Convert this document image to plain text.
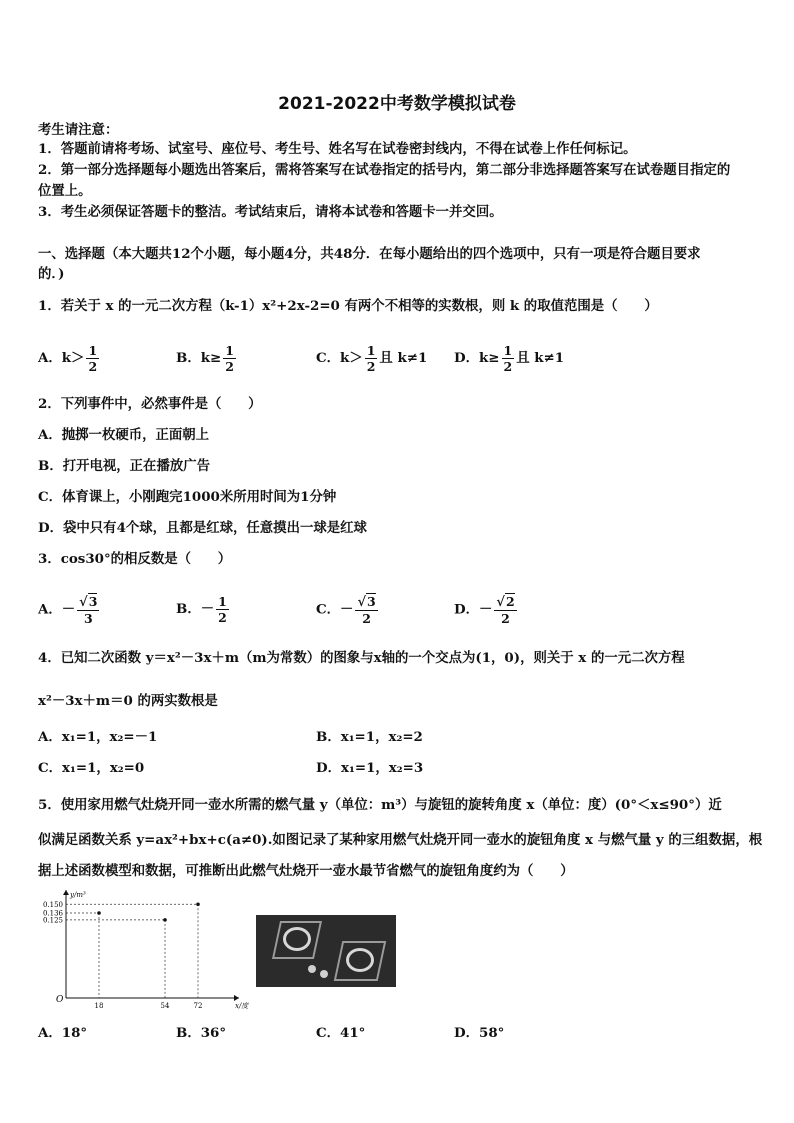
2021-2022中考数学模拟试卷
考生请注意：
1．答题前请将考场、试室号、座位号、考生号、姓名写在试卷密封线内，不得在试卷上作任何标记。
2．第一部分选择题每小题选出答案后，需将答案写在试卷指定的括号内，第二部分非选择题答案写在试卷题目指定的
位置上。
3．考生必须保证答题卡的整洁。考试结束后，请将本试卷和答题卡一并交回。
一、选择题（本大题共12个小题，每小题4分，共48分．在每小题给出的四个选项中，只有一项是符合题目要求
的．)
1．若关于 x 的一元二次方程（k-1）x²+2x-2=0 有两个不相等的实数根，则 k 的取值范围是（　　）
A．$k> \frac{1}{2}$	B．$k\ge \frac{1}{2}$	C．$k> \frac{1}{2}$ 且 k≠1 D．$k\ge \frac{1}{2}$ 且 k≠1
2．下列事件中，必然事件是（　　）
A．抛掷一枚硬币，正面朝上
B．打开电视，正在播放广告
C．体育课上，小刚跑完1000米所用时间为1分钟
D．袋中只有4个球，且都是红球，任意摸出一球是红球
3．cos30°的相反数是（　　）
A．－ $\frac{√3}{3}$	B．－ $\frac{1}{2}$	C．－ $\frac{√3}{2}$	D．－ $\frac{√2}{2}$
4．已知二次函数 y＝x²－3x＋m（m为常数）的图象与x轴的一个交点为(1，0)，则关于 x 的一元二次方程
x²－3x＋m＝0 的两实数根是
A．x₁=1，x₂=－1	B．x₁=1，x₂=2
C．x₁=1，x₂=0	D．x₁=1，x₂=3
5．使用家用燃气灶烧开同一壶水所需的燃气量 y（单位：m³）与旋钮的旋转角度 x（单位：度）(0°＜x≤90°）近
似满足函数关系 y=ax²+bx+c(a≠0).如图记录了某种家用燃气灶烧开同一壶水的旋钮角度 x 与燃气量 y 的三组数据，根
据上述函数模型和数据，可推断出此燃气灶烧开一壶水最节省燃气的旋钮角度约为（　　）
y/m³
x/度
O
18	54	72
0.150
0.136
0.125
A．18°	B．36°	C．41°	D．58°
